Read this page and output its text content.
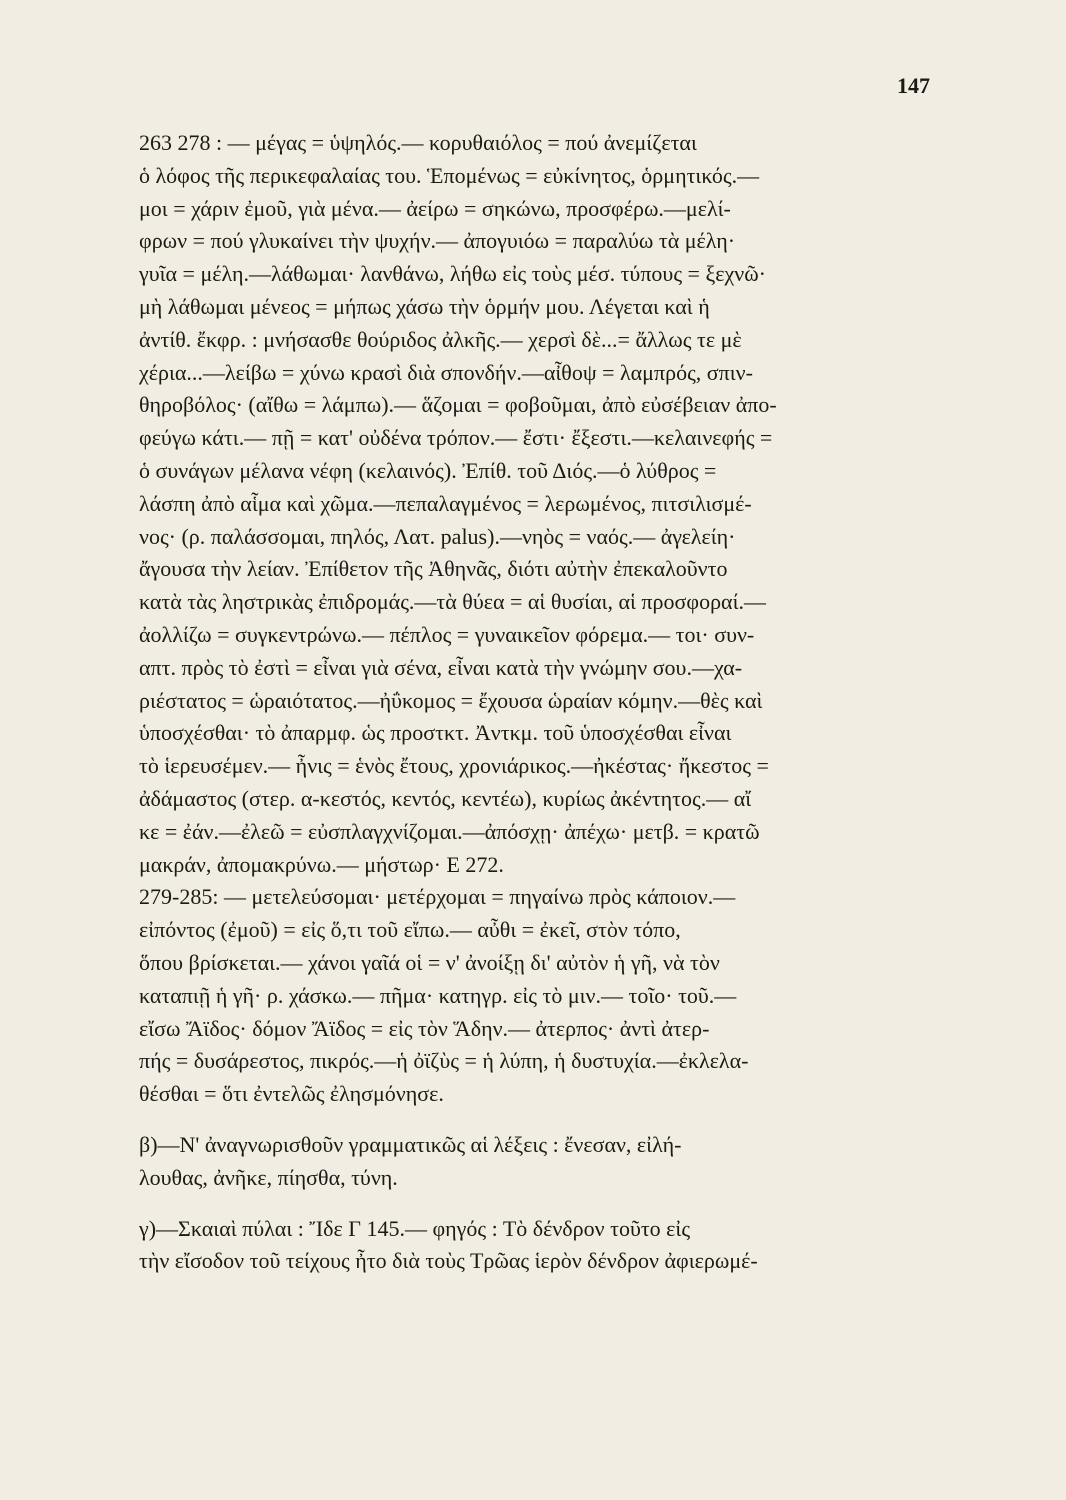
147
263 278 : — μέγας = ὑψηλός.— κορυθαιόλος = πού ἀνεμίζεται
ὁ λόφος τῆς περικεφαλαίας του. Ἑπομένως = εὐκίνητος, ὁρμητικός.—
μοι = χάριν ἐμοῦ, γιὰ μένα.— ἀείρω = σηκώνω, προσφέρω.—μελί-
φρων = πού γλυκαίνει τὴν ψυχήν.— ἀπογυιόω = παραλύω τὰ μέλη·
γυῖα = μέλη.—λάθωμαι· λανθάνω, λήθω εἰς τοὺς μέσ. τύπους = ξεχνῶ·
μὴ λάθωμαι μένεος = μήπως χάσω τὴν ὁρμήν μου. Λέγεται καὶ ἡ
ἀντίθ. ἔκφρ. : μνήσασθε θούριδος ἀλκῆς.— χερσὶ δὲ...= ἄλλως τε μὲ
χέρια...—λείβω = χύνω κρασὶ διὰ σπονδήν.—αἶθοψ = λαμπρός, σπιν-
θηροβόλος· (αἴθω = λάμπω).— ἅζομαι = φοβοῦμαι, ἀπὸ εὐσέβειαν ἀπο-
φεύγω κάτι.— πῇ = κατ' οὐδένα τρόπον.— ἔστι· ἔξεστι.—κελαινεφής =
ὁ συνάγων μέλανα νέφη (κελαινός). Ἐπίθ. τοῦ Διός.—ὁ λύθρος =
λάσπη ἀπὸ αἷμα καὶ χῶμα.—πεπαλαγμένος = λερωμένος, πιτσιλισμέ-
νος· (ρ. παλάσσομαι, πηλός, Λατ. palus).—νηὸς = ναός.— ἀγελείη·
ἄγουσα τὴν λείαν. Ἐπίθετον τῆς Ἀθηνᾶς, διότι αὐτὴν ἐπεκαλοῦντο
κατὰ τὰς ληστρικὰς ἐπιδρομάς.—τὰ θύεα = αἱ θυσίαι, αἱ προσφοραί.—
ἀολλίζω = συγκεντρώνω.— πέπλος = γυναικεῖον φόρεμα.— τοι· συν-
απτ. πρὸς τὸ ἐστὶ = εἶναι γιὰ σένα, εἶναι κατὰ τὴν γνώμην σου.—χα-
ριέστατος = ὡραιότατος.—ἠΰκομος = ἔχουσα ὡραίαν κόμην.—θὲς καὶ
ὑποσχέσθαι· τὸ ἀπαρμφ. ὡς προστκτ. Ἀντκμ. τοῦ ὑποσχέσθαι εἶναι
τὸ ἱερευσέμεν.— ἦνις = ἑνὸς ἔτους, χρονιάρικος.—ἠκέστας· ἤκεστος =
ἀδάμαστος (στερ. α-κεστός, κεντός, κεντέω), κυρίως ἀκέντητος.— αἴ
κε = ἐάν.—ἐλεῶ = εὐσπλαγχνίζομαι.—ἀπόσχῃ· ἀπέχω· μετβ. = κρατῶ
μακράν, ἀπομακρύνω.— μήστωρ· Ε 272.
279-285: — μετελεύσομαι· μετέρχομαι = πηγαίνω πρὸς κάποιον.—
εἰπόντος (ἐμοῦ) = εἰς ὅ,τι τοῦ εἴπω.— αὖθι = ἐκεῖ, στὸν τόπο,
ὅπου βρίσκεται.— χάνοι γαῖά οἱ = ν' ἀνοίξῃ δι' αὐτὸν ἡ γῆ, νὰ τὸν
καταπιῇ ἡ γῆ· ρ. χάσκω.— πῆμα· κατηγρ. εἰς τὸ μιν.— τοῖο· τοῦ.—
εἴσω Ἄϊδος· δόμον Ἄϊδος = εἰς τὸν Ἅδην.— ἀτερπος· ἀντὶ ἀτερ-
πής = δυσάρεστος, πικρός.—ἡ ὀϊζὺς = ἡ λύπη, ἡ δυστυχία.—ἐκλελα-
θέσθαι = ὅτι ἐντελῶς ἐλησμόνησε.
β)—Ν' ἀναγνωρισθοῦν γραμματικῶς αἱ λέξεις : ἔνεσαν, εἰλή-
λουθας, ἀνῆκε, πίησθα, τύνη.
γ)—Σκαιαὶ πύλαι : Ἴδε Γ 145.— φηγός : Τὸ δένδρον τοῦτο εἰς
τὴν εἴσοδον τοῦ τείχους ἦτο διὰ τοὺς Τρῶας ἱερὸν δένδρον ἀφιερωμέ-
